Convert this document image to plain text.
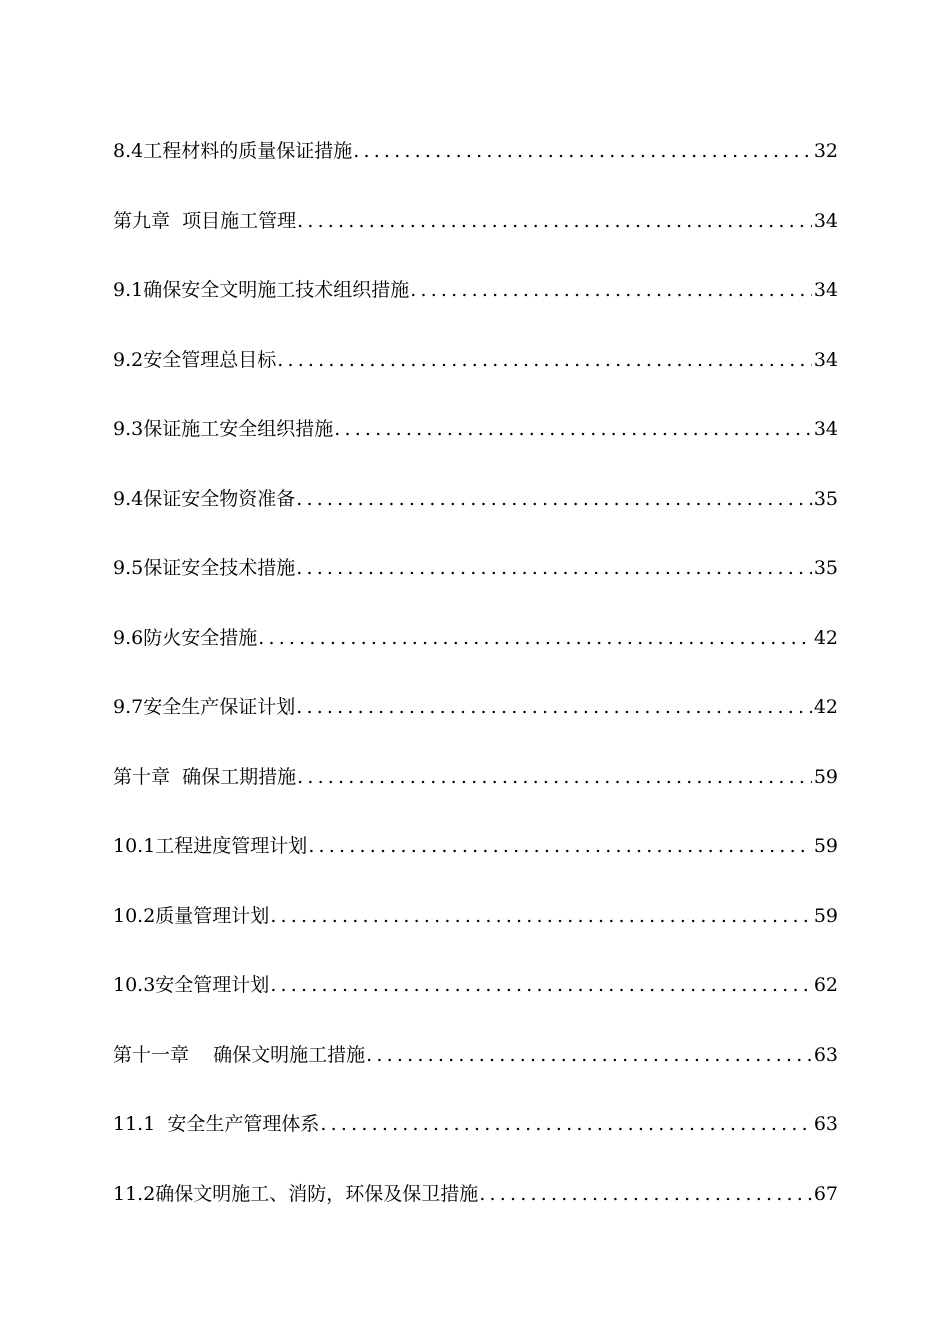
8.4工程材料的质量保证措施 .....	32
第九章  项目施工管理 .....	34
9.1确保安全文明施工技术组织措施 .....	34
9.2安全管理总目标 .....	34
9.3保证施工安全组织措施 .....	34
9.4保证安全物资准备 .....	35
9.5保证安全技术措施 .....	35
9.6防火安全措施 .....	42
9.7安全生产保证计划 .....	42
第十章  确保工期措施 .....	59
10.1工程进度管理计划 .....	59
10.2质量管理计划 .....	59
10.3安全管理计划 .....	62
第十一章    确保文明施工措施 .....	63
11.1  安全生产管理体系 .....	63
11.2确保文明施工、消防，环保及保卫措施 .....	67
